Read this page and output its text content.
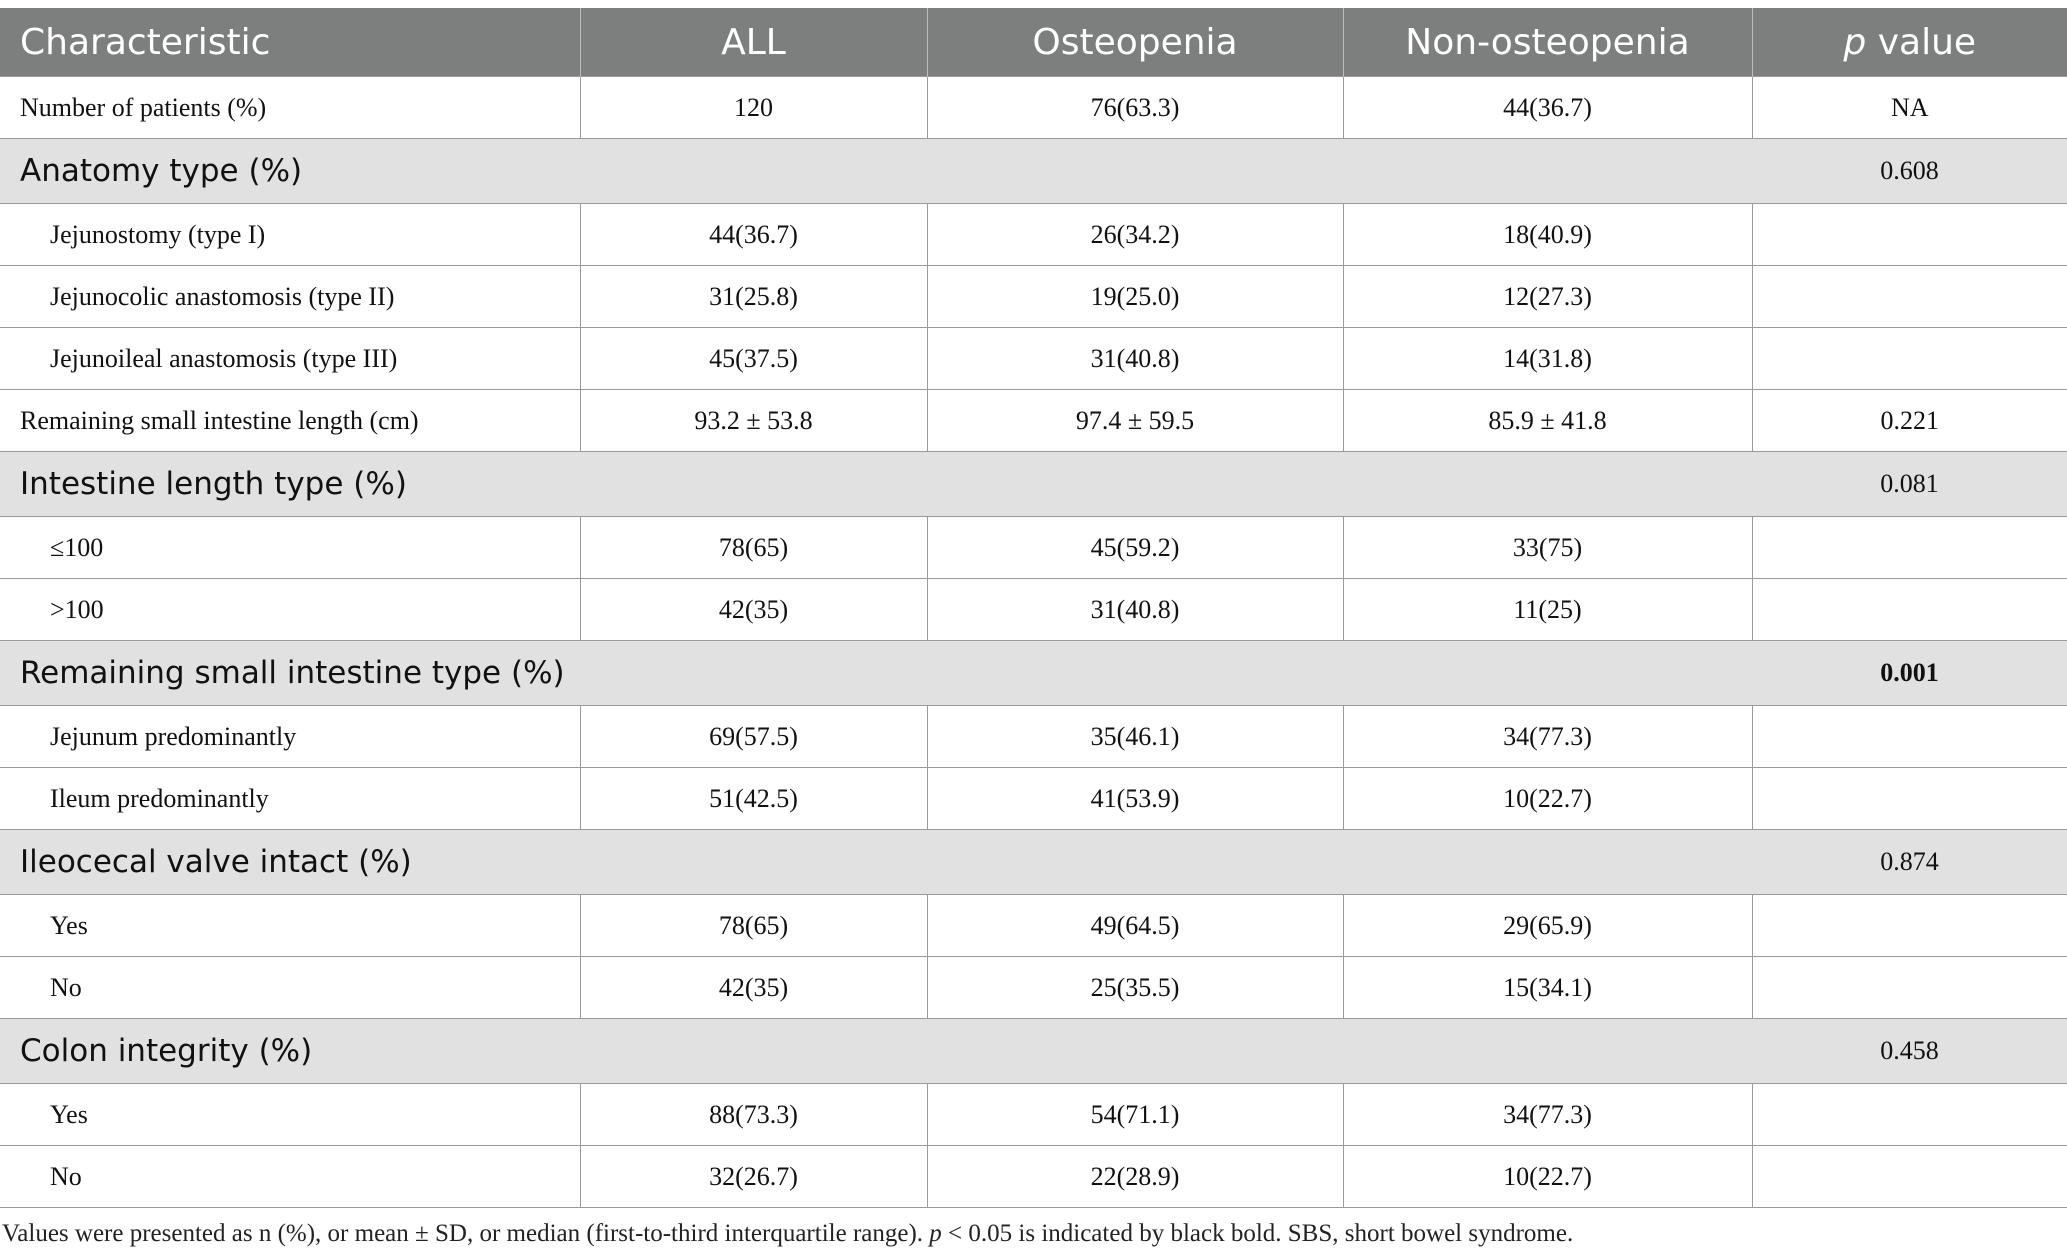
Characteristic	ALL	Osteopenia	Non-osteopenia	p value
Number of patients (%)	120	76(63.3)	44(36.7)	NA
Anatomy type (%)				0.608
Jejunostomy (type I)	44(36.7)	26(34.2)	18(40.9)	
Jejunocolic anastomosis (type II)	31(25.8)	19(25.0)	12(27.3)	
Jejunoileal anastomosis (type III)	45(37.5)	31(40.8)	14(31.8)	
Remaining small intestine length (cm)	93.2 ± 53.8	97.4 ± 59.5	85.9 ± 41.8	0.221
Intestine length type (%)				0.081
≤100	78(65)	45(59.2)	33(75)	
>100	42(35)	31(40.8)	11(25)	
Remaining small intestine type (%)				0.001
Jejunum predominantly	69(57.5)	35(46.1)	34(77.3)	
Ileum predominantly	51(42.5)	41(53.9)	10(22.7)	
Ileocecal valve intact (%)				0.874
Yes	78(65)	49(64.5)	29(65.9)	
No	42(35)	25(35.5)	15(34.1)	
Colon integrity (%)				0.458
Yes	88(73.3)	54(71.1)	34(77.3)	
No	32(26.7)	22(28.9)	10(22.7)	
Values were presented as n (%), or mean ± SD, or median (first-to-third interquartile range). p < 0.05 is indicated by black bold. SBS, short bowel syndrome.
